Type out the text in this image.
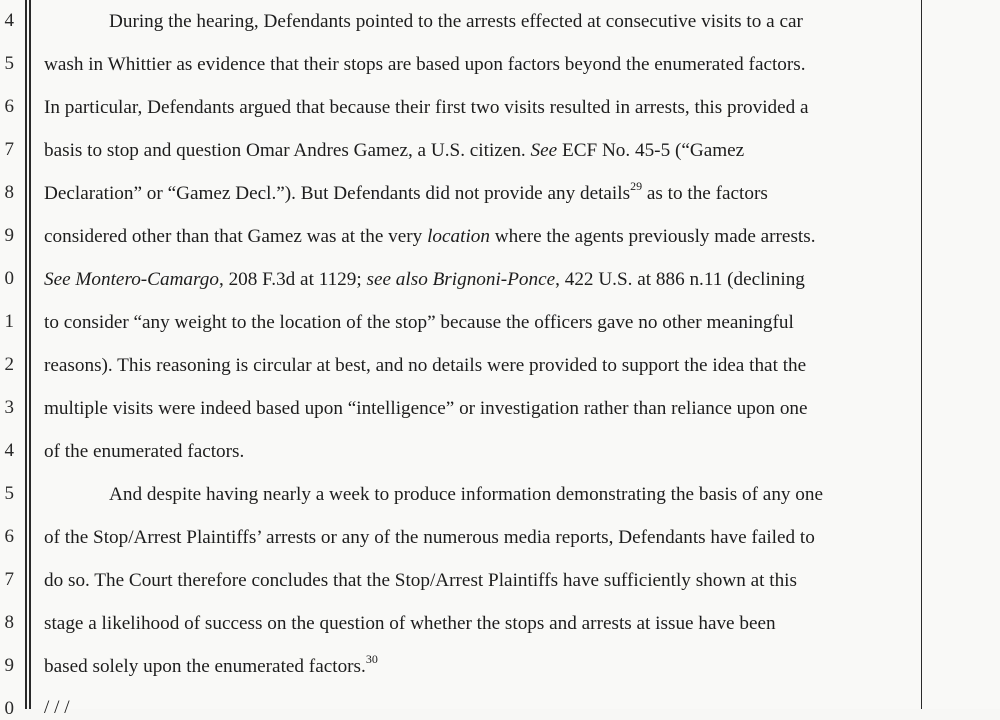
4
5
6
7
8
9
0
1
2
3
4
5
6
7
8
9
0
During the hearing, Defendants pointed to the arrests effected at consecutive visits to a car
wash in Whittier as evidence that their stops are based upon factors beyond the enumerated factors.
In particular, Defendants argued that because their first two visits resulted in arrests, this provided a
basis to stop and question Omar Andres Gamez, a U.S. citizen. See ECF No. 45-5 (“Gamez
Declaration” or “Gamez Decl.”). But Defendants did not provide any details$^{29}$ as to the factors
considered other than that Gamez was at the very location where the agents previously made arrests.
See Montero-Camargo, 208 F.3d at 1129; see also Brignoni-Ponce, 422 U.S. at 886 n.11 (declining
to consider “any weight to the location of the stop” because the officers gave no other meaningful
reasons). This reasoning is circular at best, and no details were provided to support the idea that the
multiple visits were indeed based upon “intelligence” or investigation rather than reliance upon one
of the enumerated factors.
And despite having nearly a week to produce information demonstrating the basis of any one
of the Stop/Arrest Plaintiffs’ arrests or any of the numerous media reports, Defendants have failed to
do so. The Court therefore concludes that the Stop/Arrest Plaintiffs have sufficiently shown at this
stage a likelihood of success on the question of whether the stops and arrests at issue have been
based solely upon the enumerated factors.$^{30}$
/ / /
